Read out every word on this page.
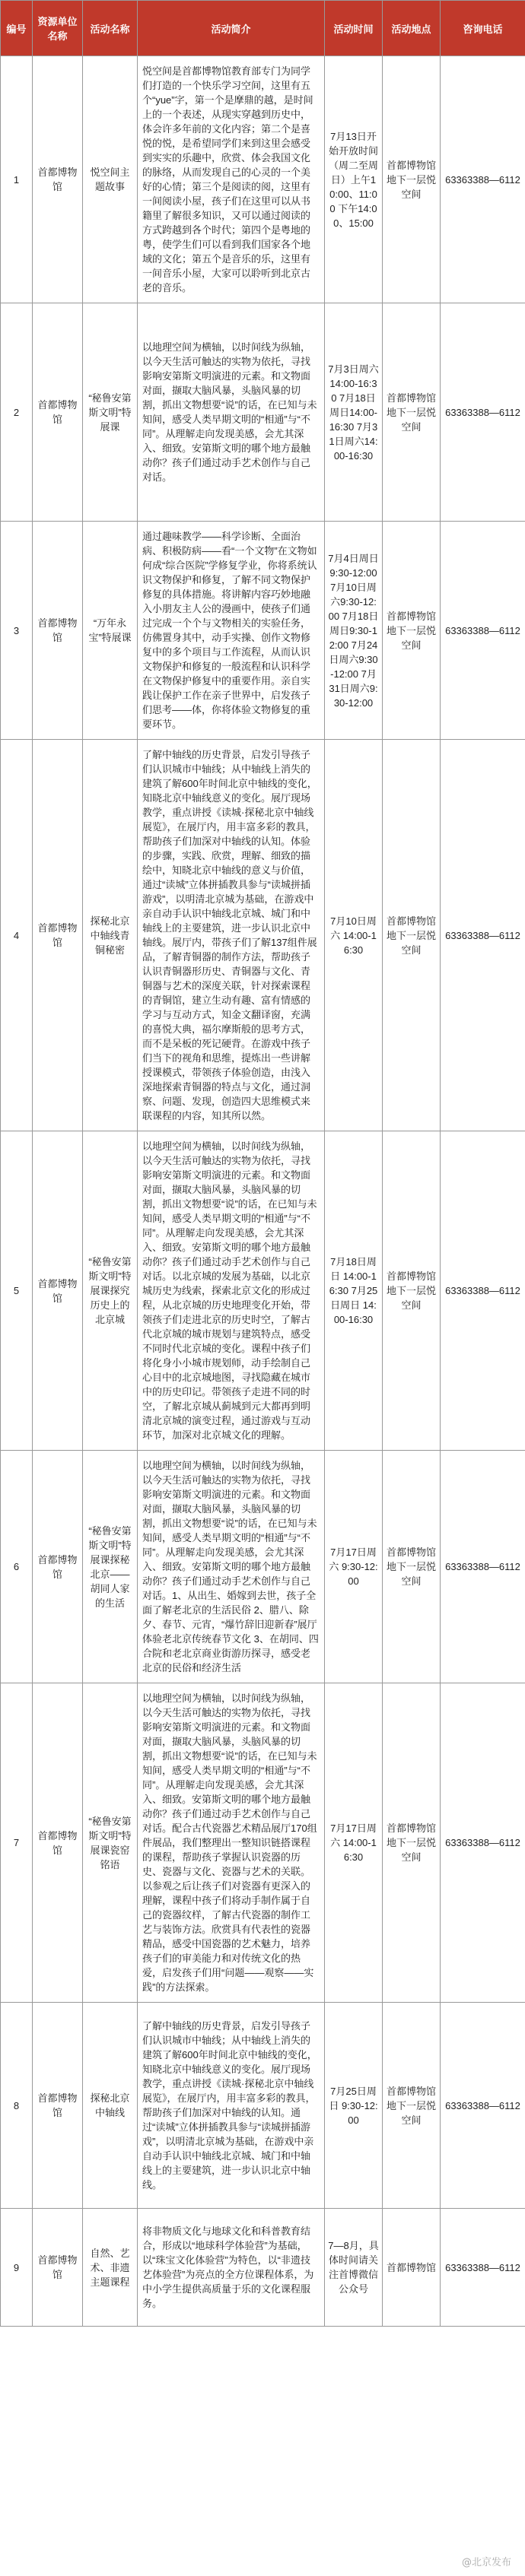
编号	资源单位名称	活动名称	活动简介	活动时间	活动地点	咨询电话
1	首都博物馆	悦空间主题故事	悦空间是首都博物馆教育部专门为同学们打造的一个快乐学习空间，这里有五个“yue”字，第一个是摩鼎的越，是时间上的一个表述，从现实穿越到历史中，体会许多年前的文化内容；第二个是喜悦的悦，是希望同学们来到这里会感受到实实的乐趣中，欣赏、体会我国文化的脉络，从而发现自己的心灵的一个美好的心情；第三个是阅读的阅，这里有一间阅读小屋，孩子们在这里可以从书籍里了解很多知识，又可以通过阅读的方式跨越到各个时代；第四个是粤地的粤，使学生们可以看到我们国家各个地域的文化；第五个是音乐的乐，这里有一间音乐小屋，大家可以聆听到北京古老的音乐。	7月13日开始开放时间（周二至周日）上午10:00、11:00 下午14:00、15:00	首都博物馆地下一层悦空间	63363388—6112
2	首都博物馆	“秘鲁安第斯文明”特展课	以地理空间为横轴，以时间线为纵轴，以今天生活可触达的实物为依托，寻找影响安第斯文明演进的元素。和文物面对面，撷取大脑风暴，头脑风暴的切割，抓出文物想要“说”的话，在已知与未知间，感受人类早期文明的“相通”与“不同”。从理解走向发现美感，会尤其深入、细致。安第斯文明的哪个地方最触动你？孩子们通过动手艺术创作与自己对话。	7月3日周六14:00-16:30 7月18日周日14:00-16:30 7月31日周六14:00-16:30	首都博物馆地下一层悦空间	63363388—6112
3	首都博物馆	“万年永宝”特展课	通过趣味教学——科学诊断、全面治病、积极防病——看“一个文物”在文物如何成“综合医院”学修复学业，你将系统认识文物保护和修复，了解不同文物保护修复的具体措施。将讲解内容巧妙地融入小朋友主人公的漫画中，使孩子们通过完成一个个与文物相关的实验任务，仿佛置身其中，动手实操、创作文物修复中的多个项目与工作流程，从而认识文物保护和修复的一般流程和认识科学在文物保护修复中的重要作用。亲自实践让保护工作在亲子世界中，启发孩子们思考——体，你将体验文物修复的重要环节。	7月4日周日9:30-12:00 7月10日周六9:30-12:00 7月18日周日9:30-12:00 7月24日周六9:30-12:00 7月31日周六9:30-12:00	首都博物馆地下一层悦空间	63363388—6112
4	首都博物馆	探秘北京中轴线青铜秘密	了解中轴线的历史背景，启发引导孩子们认识城市中轴线；从中轴线上消失的建筑了解600年时间北京中轴线的变化，知晓北京中轴线意义的变化。展厅现场教学，重点讲授《读城·探秘北京中轴线展览》，在展厅内，用丰富多彩的教具，帮助孩子们加深对中轴线的认知。体验的步骤，实践、欣赏，理解、细致的描绘中，知晓北京中轴线的意义与价值，通过“读城”立体拼插教具参与“读城拼插游戏”，以明清北京城为基础，在游戏中亲自动手认识中轴线北京城、城门和中轴线上的主要建筑，进一步认识北京中轴线。展厅内，带孩子们了解137组件展品，了解青铜器的制作方法，帮助孩子认识青铜器形历史、青铜器与文化、青铜器与艺术的深度关联，针对探索课程的青铜馆，建立生动有趣、富有情感的学习与互动方式，知金文翻译窗，充满的喜悦大典，福尔摩斯般的思考方式，而不是呆板的死记硬背。在游戏中孩子们当下的视角和思维，提炼出一些讲解授课模式，带领孩子体验创造，由浅入深地探索青铜器的特点与文化，通过洞察、问题、发现，创造四大思维模式来联课程的内容，知其所以然。	7月10日周六 14:00-16:30	首都博物馆地下一层悦空间	63363388—6112
5	首都博物馆	“秘鲁安第斯文明”特展课探究历史上的北京城	以地理空间为横轴，以时间线为纵轴，以今天生活可触达的实物为依托，寻找影响安第斯文明演进的元素。和文物面对面，撷取大脑风暴，头脑风暴的切割，抓出文物想要“说”的话，在已知与未知间，感受人类早期文明的“相通”与“不同”。从理解走向发现美感，会尤其深入、细致。安第斯文明的哪个地方最触动你？孩子们通过动手艺术创作与自己对话。以北京城的发展为基础，以北京城历史为线索，探索北京文化的形成过程，从北京城的历史地理变化开始，带领孩子们走进北京的历史时空，了解古代北京城的城市规划与建筑特点，感受不同时代北京城的变化。课程中孩子们将化身小小城市规划师，动手绘制自己心目中的北京城地图，寻找隐藏在城市中的历史印记。带领孩子走进不同的时空，了解北京城从蓟城到元大都再到明清北京城的演变过程，通过游戏与互动环节，加深对北京城文化的理解。	7月18日周日 14:00-16:30 7月25日周日 14:00-16:30	首都博物馆地下一层悦空间	63363388—6112
6	首都博物馆	“秘鲁安第斯文明”特展课探秘北京——胡同人家的生活	以地理空间为横轴，以时间线为纵轴，以今天生活可触达的实物为依托，寻找影响安第斯文明演进的元素。和文物面对面，撷取大脑风暴，头脑风暴的切割，抓出文物想要“说”的话，在已知与未知间，感受人类早期文明的“相通”与“不同”。从理解走向发现美感，会尤其深入、细致。安第斯文明的哪个地方最触动你？孩子们通过动手艺术创作与自己对话。1、从出生、婚嫁到去世，孩子全面了解老北京的生活民俗 2、腊八、除夕、春节、元宵，“爆竹辞旧迎新春”展厅体验老北京传统春节文化 3、在胡同、四合院和老北京商业街游历探寻，感受老北京的民俗和经济生活	7月17日周六 9:30-12:00	首都博物馆地下一层悦空间	63363388—6112
7	首都博物馆	“秘鲁安第斯文明”特展课瓷窑铭语	以地理空间为横轴，以时间线为纵轴，以今天生活可触达的实物为依托，寻找影响安第斯文明演进的元素。和文物面对面，撷取大脑风暴，头脑风暴的切割，抓出文物想要“说”的话，在已知与未知间，感受人类早期文明的“相通”与“不同”。从理解走向发现美感，会尤其深入、细致。安第斯文明的哪个地方最触动你？孩子们通过动手艺术创作与自己对话。配合古代瓷器艺术精品展厅170组件展品，我们整理出一整知识链搭课程的课程，帮助孩子掌握认识瓷器的历史、瓷器与文化、瓷器与艺术的关联。以参观之后让孩子们对瓷器有更深入的理解，课程中孩子们将动手制作属于自己的瓷器纹样，了解古代瓷器的制作工艺与装饰方法。欣赏具有代表性的瓷器精品，感受中国瓷器的艺术魅力，培养孩子们的审美能力和对传统文化的热爱，启发孩子们用“问题——观察——实践”的方法探索。	7月17日周六 14:00-16:30	首都博物馆地下一层悦空间	63363388—6112
8	首都博物馆	探秘北京中轴线	了解中轴线的历史背景，启发引导孩子们认识城市中轴线；从中轴线上消失的建筑了解600年时间北京中轴线的变化，知晓北京中轴线意义的变化。展厅现场教学，重点讲授《读城·探秘北京中轴线展览》，在展厅内，用丰富多彩的教具，帮助孩子们加深对中轴线的认知。通过“读城”立体拼插教具参与“读城拼插游戏”，以明清北京城为基础，在游戏中亲自动手认识中轴线北京城、城门和中轴线上的主要建筑，进一步认识北京中轴线。	7月25日周日 9:30-12:00	首都博物馆地下一层悦空间	63363388—6112
9	首都博物馆	自然、艺术、非遗主题课程	将非物质文化与地球文化和科普教育结合，形成以“地球科学体验营”为基础，以“珠宝文化体验营”为特色，以“非遗技艺体验营”为亮点的全方位课程体系，为中小学生提供高质量于乐的文化课程服务。	7—8月，具体时间请关注首博微信公众号	首都博物馆	63363388—6112
@北京发布
